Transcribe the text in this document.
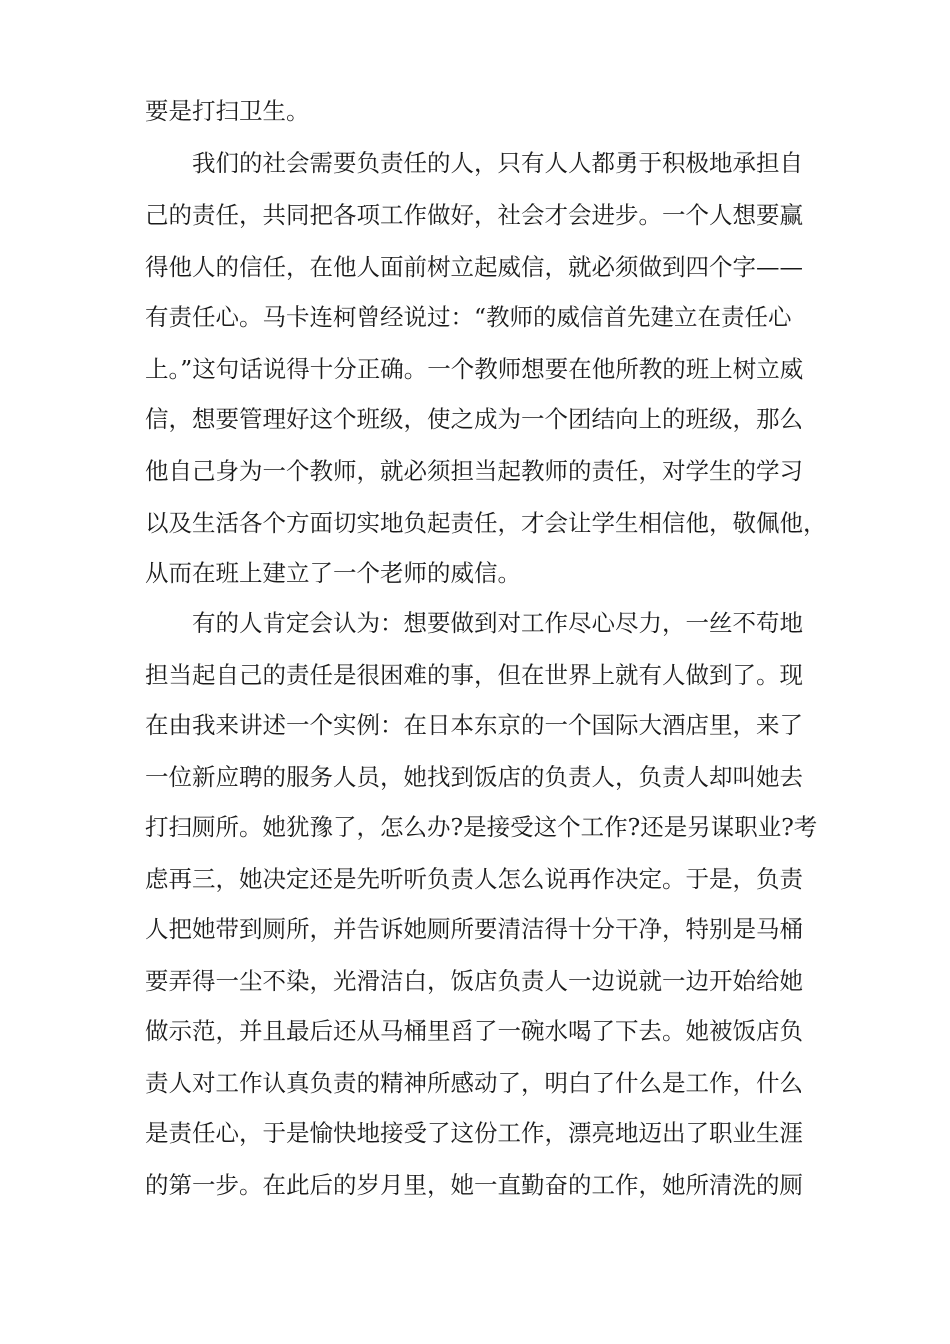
要是打扫卫生。
　　我们的社会需要负责任的人，只有人人都勇于积极地承担自
己的责任，共同把各项工作做好，社会才会进步。一个人想要赢
得他人的信任，在他人面前树立起威信，就必须做到四个字——
有责任心。马卡连柯曾经说过：“教师的威信首先建立在责任心
上。”这句话说得十分正确。一个教师想要在他所教的班上树立威
信，想要管理好这个班级，使之成为一个团结向上的班级，那么
他自己身为一个教师，就必须担当起教师的责任，对学生的学习
以及生活各个方面切实地负起责任，才会让学生相信他，敬佩他，
从而在班上建立了一个老师的威信。
　　有的人肯定会认为：想要做到对工作尽心尽力，一丝不苟地
担当起自己的责任是很困难的事，但在世界上就有人做到了。现
在由我来讲述一个实例：在日本东京的一个国际大酒店里，来了
一位新应聘的服务人员，她找到饭店的负责人，负责人却叫她去
打扫厕所。她犹豫了，怎么办?是接受这个工作?还是另谋职业?考
虑再三，她决定还是先听听负责人怎么说再作决定。于是，负责
人把她带到厕所，并告诉她厕所要清洁得十分干净，特别是马桶
要弄得一尘不染，光滑洁白，饭店负责人一边说就一边开始给她
做示范，并且最后还从马桶里舀了一碗水喝了下去。她被饭店负
责人对工作认真负责的精神所感动了，明白了什么是工作，什么
是责任心，于是愉快地接受了这份工作，漂亮地迈出了职业生涯
的第一步。在此后的岁月里，她一直勤奋的工作，她所清洗的厕
